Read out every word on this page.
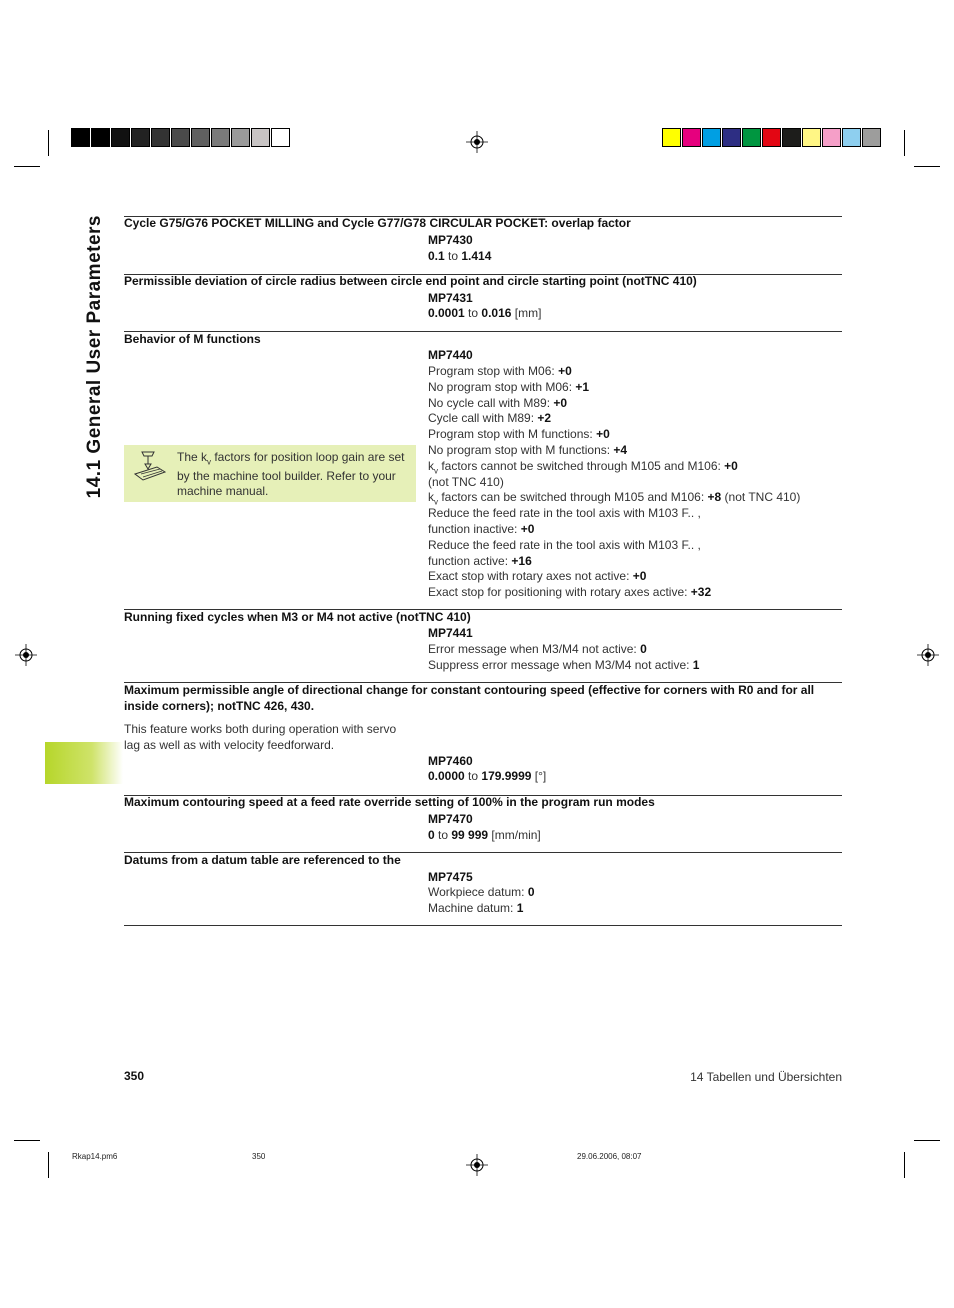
14.1 General User Parameters	Cycle G75/G76 POCKET MILLING and Cycle G77/G78 CIRCULAR POCKET: overlap factor
MP7430
0.1 to 1.414
Permissible deviation of circle radius between circle end point and circle starting point (notTNC 410)
MP7431
0.0001 to 0.016 [mm]
Behavior of M functions
MP7440
Program stop with M06: +0
No program stop with M06: +1
No cycle call with M89: +0
Cycle call with M89: +2
Program stop with M functions: +0
No program stop with M functions: +4
$k_v$ factors cannot be switched through M105 and M106: +0
(not TNC 410)
$k_v$ factors can be switched through M105 and M106: +8 (not TNC 410)
Reduce the feed rate in the tool axis with M103 F.. ,
function inactive: +0
Reduce the feed rate in the tool axis with M103 F.. ,
function active: +16
Exact stop with rotary axes not active: +0
Exact stop for positioning with rotary axes active: +32
The $k_v$ factors for position loop gain are set by the machine tool builder. Refer to your machine manual.
Running fixed cycles when M3 or M4 not active (notTNC 410)
MP7441
Error message when M3/M4 not active: 0
Suppress error message when M3/M4 not active: 1
Maximum permissible angle of directional change for constant contouring speed (effective for corners with R0 and for all inside corners); notTNC 426, 430.
This feature works both during operation with servo lag as well as with velocity feedforward.
MP7460
0.0000 to 179.9999 [°]
Maximum contouring speed at a feed rate override setting of 100% in the program run modes
MP7470
0 to 99 999 [mm/min]
Datums from a datum table are referenced to the
MP7475
Workpiece datum: 0
Machine datum: 1
350	14 Tabellen und Übersichten
Rkap14.pm6	350	29.06.2006, 08:07
